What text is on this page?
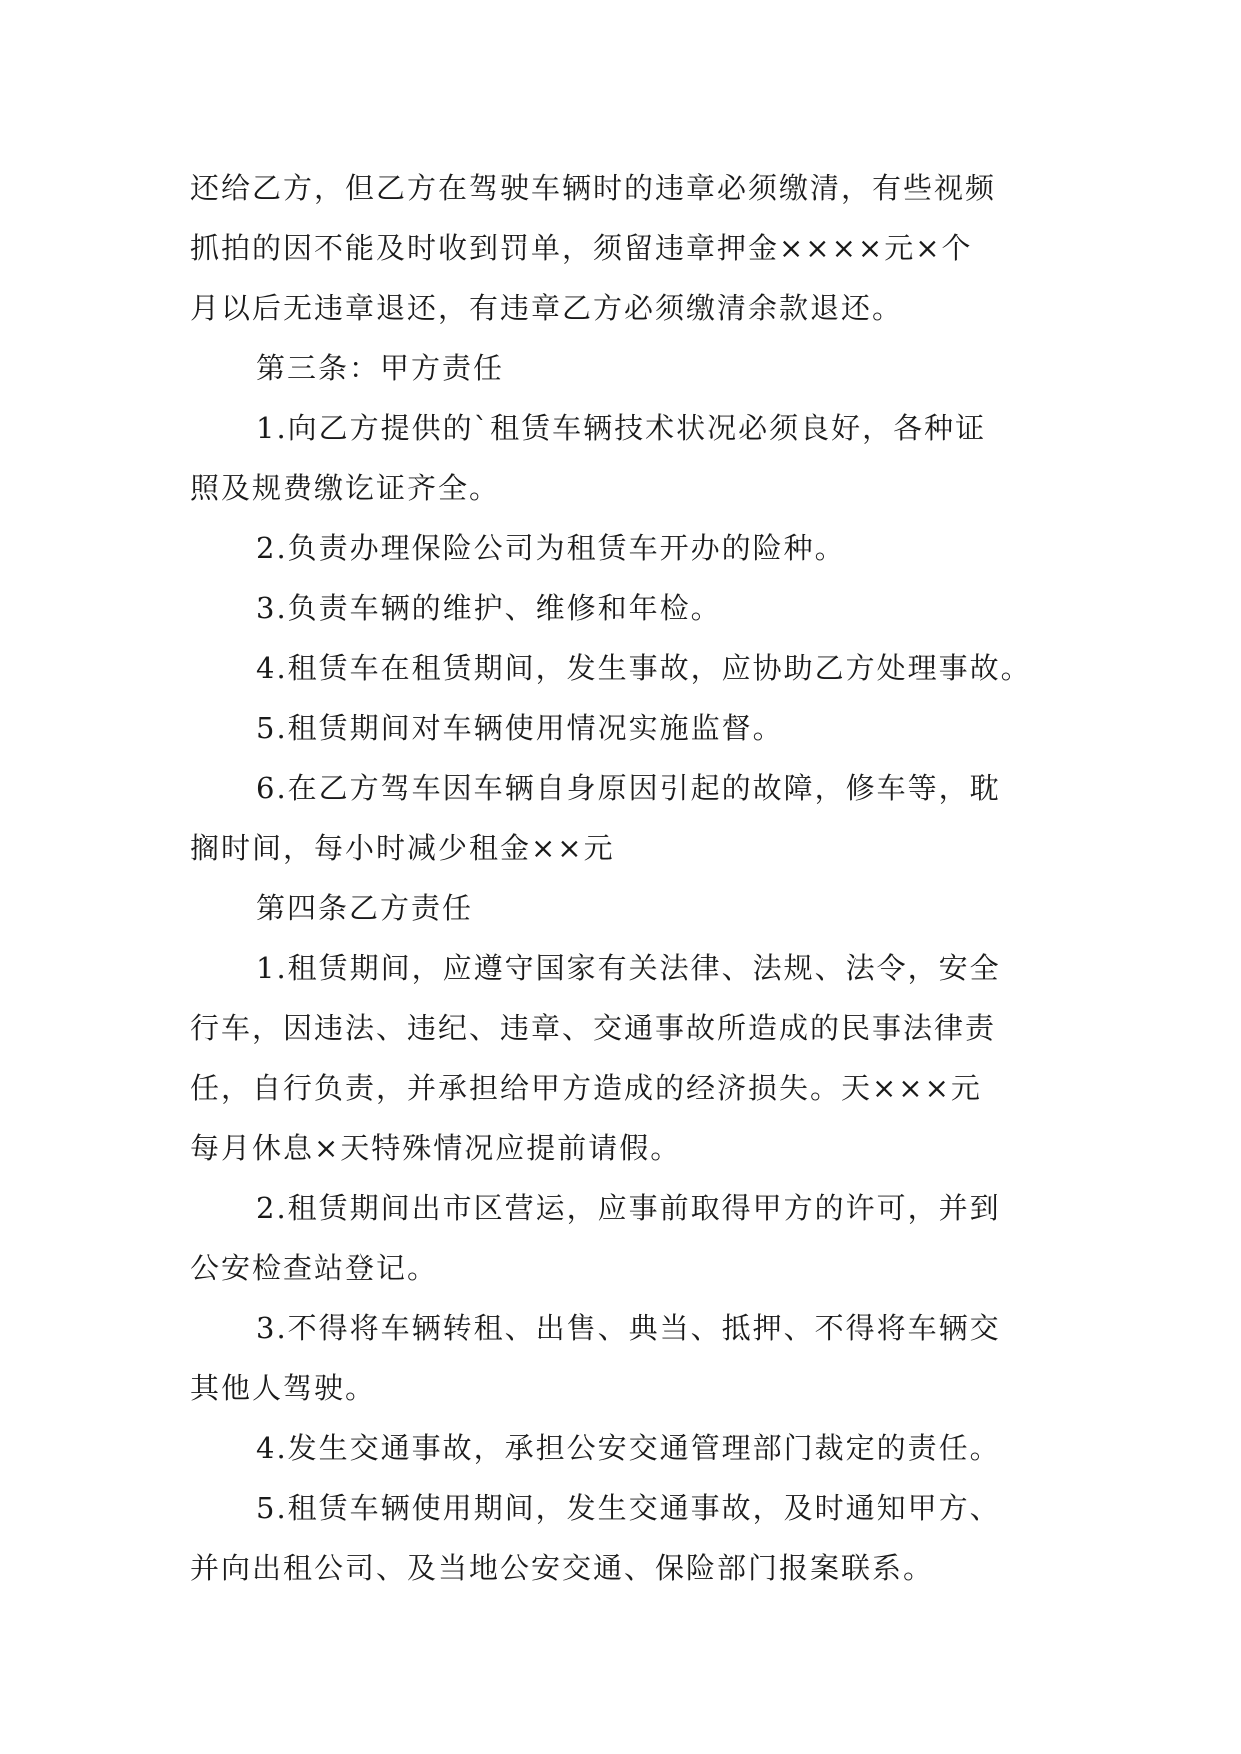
还给乙方，但乙方在驾驶车辆时的违章必须缴清，有些视频
抓拍的因不能及时收到罚单，须留违章押金××××元×个
月以后无违章退还，有违章乙方必须缴清余款退还。
第三条：甲方责任
1.向乙方提供的`租赁车辆技术状况必须良好，各种证
照及规费缴讫证齐全。
2.负责办理保险公司为租赁车开办的险种。
3.负责车辆的维护、维修和年检。
4.租赁车在租赁期间，发生事故，应协助乙方处理事故。
5.租赁期间对车辆使用情况实施监督。
6.在乙方驾车因车辆自身原因引起的故障，修车等，耽
搁时间，每小时减少租金××元
第四条乙方责任
1.租赁期间，应遵守国家有关法律、法规、法令，安全
行车，因违法、违纪、违章、交通事故所造成的民事法律责
任，自行负责，并承担给甲方造成的经济损失。天×××元
每月休息×天特殊情况应提前请假。
2.租赁期间出市区营运，应事前取得甲方的许可，并到
公安检查站登记。
3.不得将车辆转租、出售、典当、抵押、不得将车辆交
其他人驾驶。
4.发生交通事故，承担公安交通管理部门裁定的责任。
5.租赁车辆使用期间，发生交通事故，及时通知甲方、
并向出租公司、及当地公安交通、保险部门报案联系。
